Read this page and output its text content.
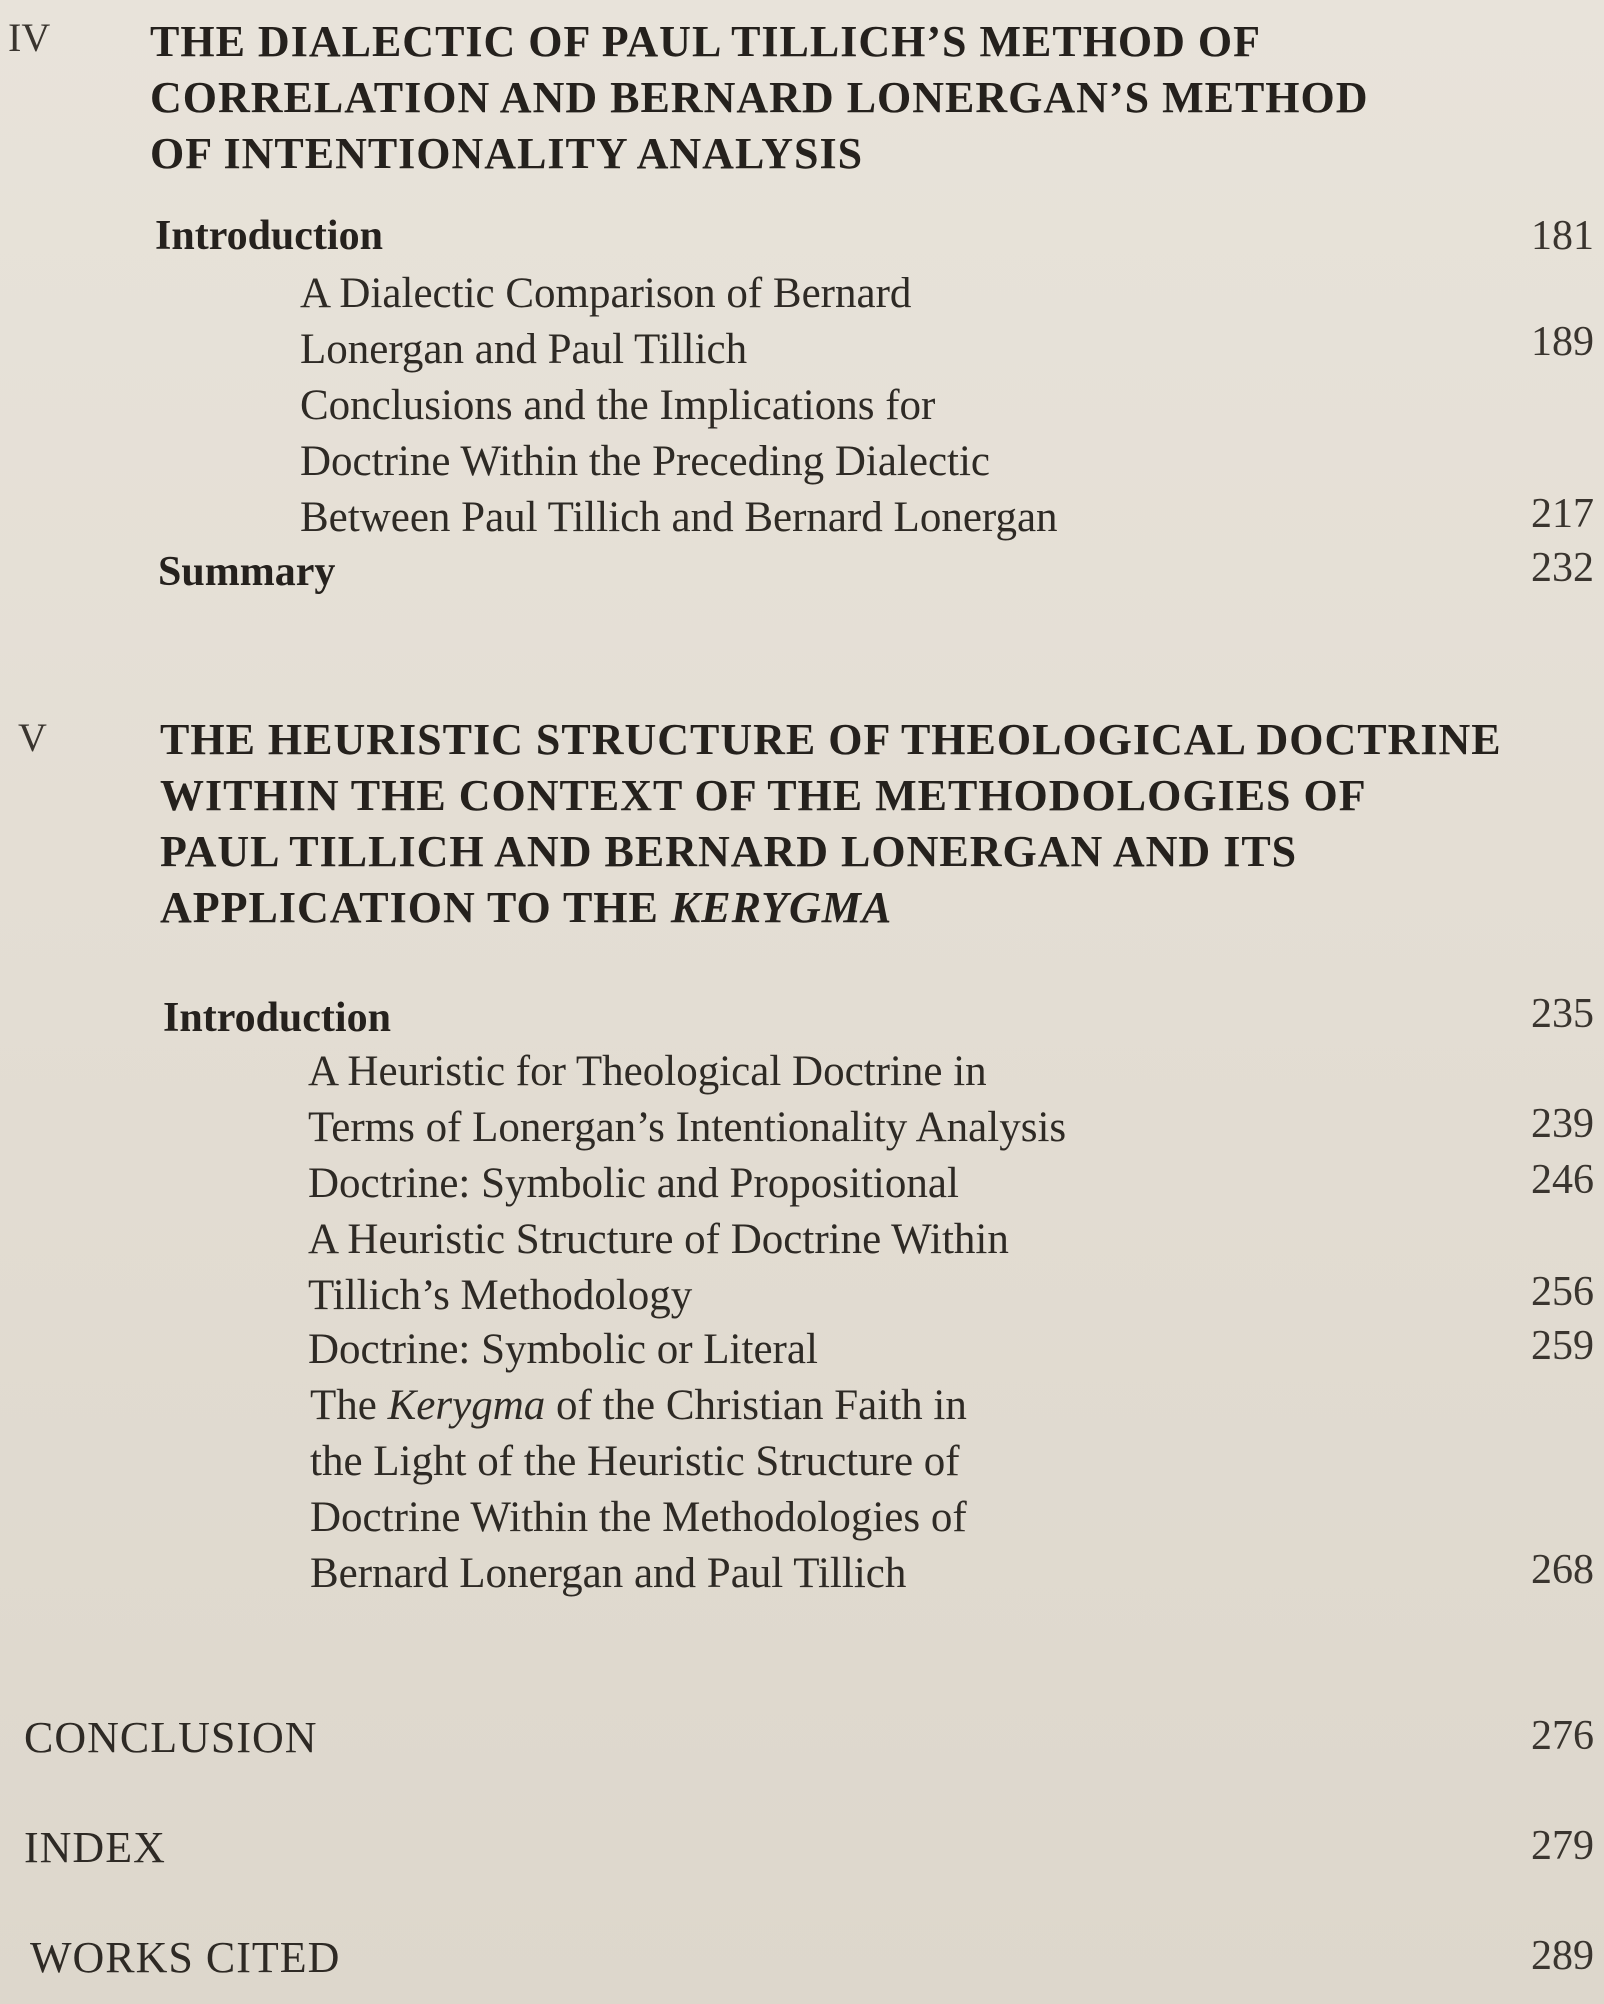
IV THE DIALECTIC OF PAUL TILLICH’S METHOD OF
CORRELATION AND BERNARD LONERGAN’S METHOD
OF INTENTIONALITY ANALYSIS
Introduction	181
A Dialectic Comparison of Bernard
Lonergan and Paul Tillich	189
Conclusions and the Implications for
Doctrine Within the Preceding Dialectic
Between Paul Tillich and Bernard Lonergan	217
Summary	232
V	THE HEURISTIC STRUCTURE OF THEOLOGICAL DOCTRINE
WITHIN THE CONTEXT OF THE METHODOLOGIES OF
PAUL TILLICH AND BERNARD LONERGAN AND ITS
APPLICATION TO THE KERYGMA
Introduction	235
A Heuristic for Theological Doctrine in
Terms of Lonergan’s Intentionality Analysis	239
Doctrine: Symbolic and Propositional	246
A Heuristic Structure of Doctrine Within
Tillich’s Methodology	256
Doctrine: Symbolic or Literal	259
The Kerygma of the Christian Faith in
the Light of the Heuristic Structure of
Doctrine Within the Methodologies of
Bernard Lonergan and Paul Tillich	268
CONCLUSION	276
INDEX	279
WORKS CITED	289
